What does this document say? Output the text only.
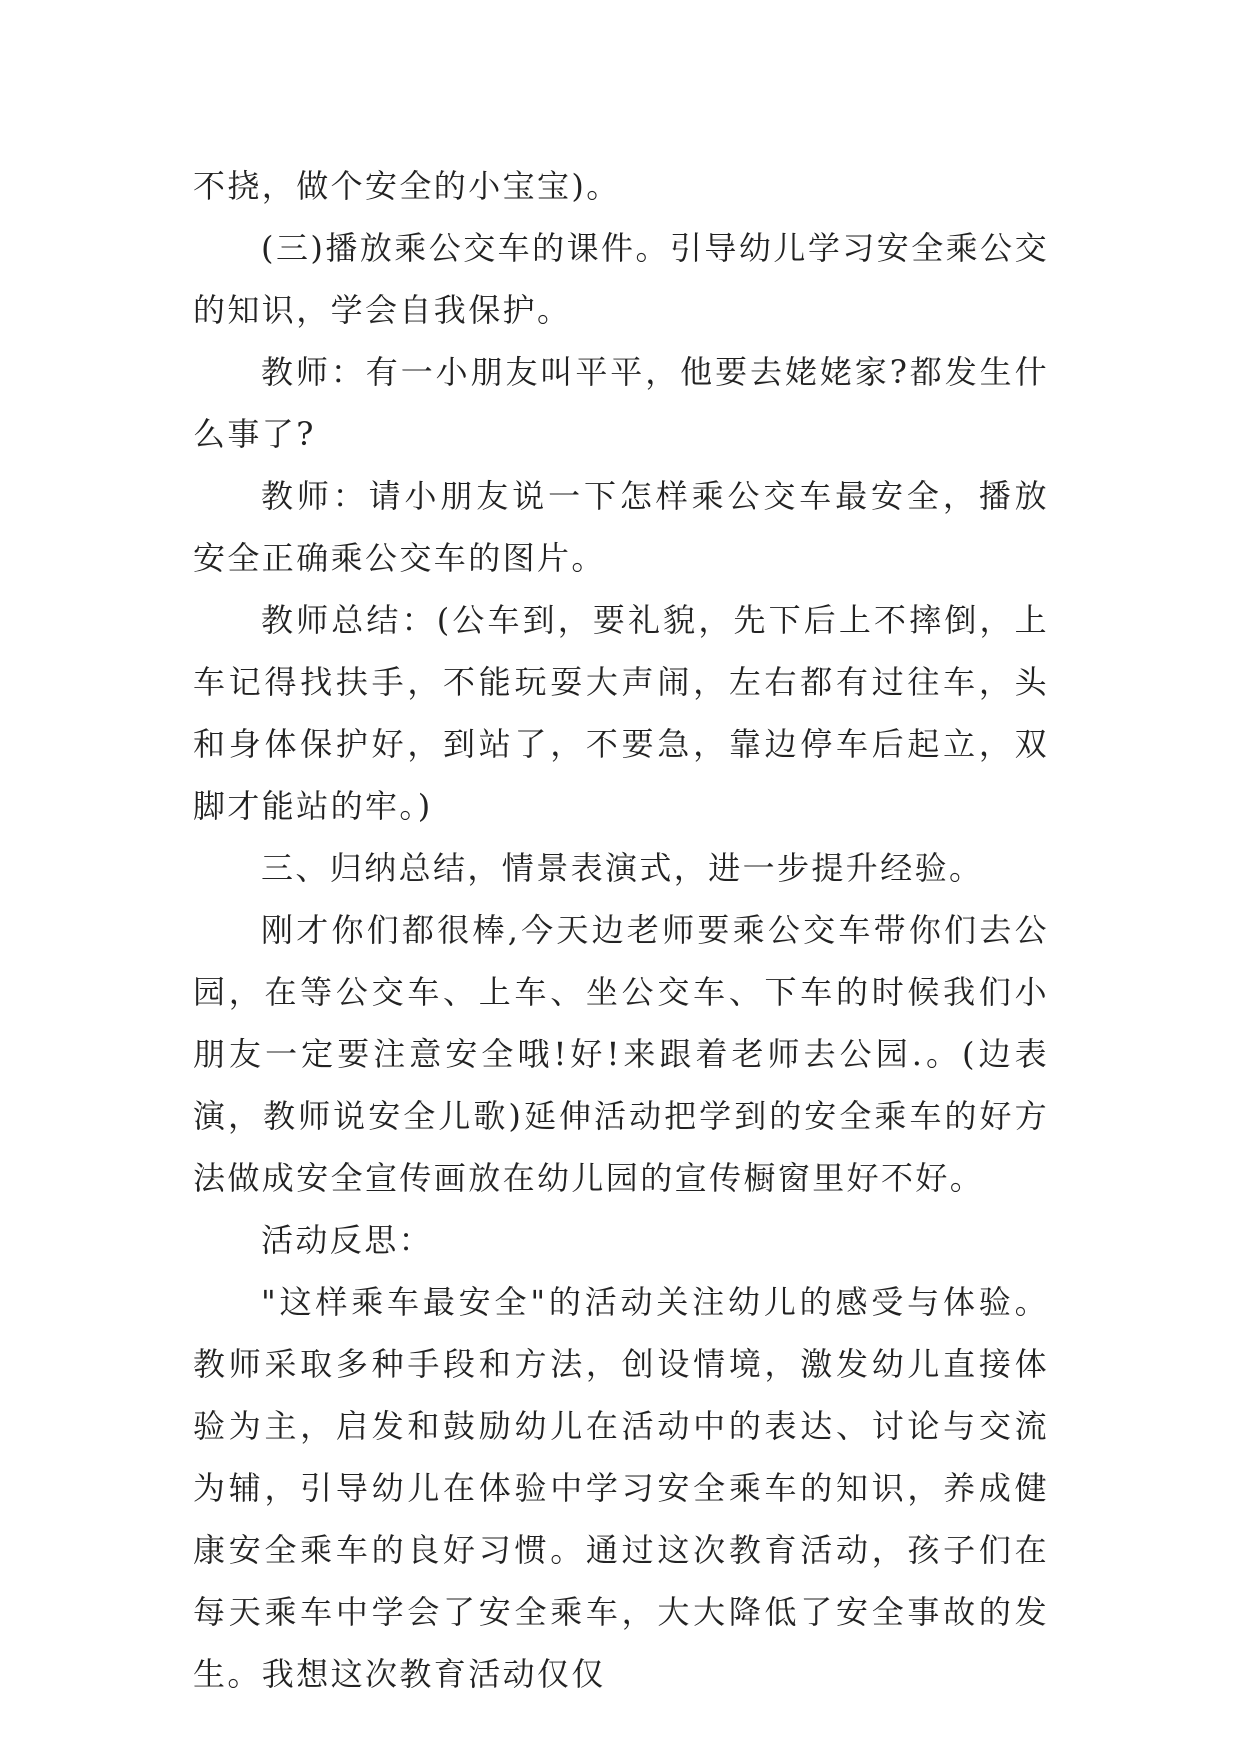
不挠，做个安全的小宝宝)。

(三)播放乘公交车的课件。引导幼儿学习安全乘公交的知识，学会自我保护。

教师：有一小朋友叫平平，他要去姥姥家?都发生什么事了?

教师：请小朋友说一下怎样乘公交车最安全，播放安全正确乘公交车的图片。

教师总结：(公车到，要礼貌，先下后上不摔倒，上车记得找扶手，不能玩耍大声闹，左右都有过往车，头和身体保护好，到站了，不要急，靠边停车后起立，双脚才能站的牢。)

三、归纳总结，情景表演式，进一步提升经验。

刚才你们都很棒,今天边老师要乘公交车带你们去公园，在等公交车、上车、坐公交车、下车的时候我们小朋友一定要注意安全哦!好!来跟着老师去公园.。(边表演，教师说安全儿歌)延伸活动把学到的安全乘车的好方法做成安全宣传画放在幼儿园的宣传橱窗里好不好。

活动反思：

"这样乘车最安全"的活动关注幼儿的感受与体验。教师采取多种手段和方法，创设情境，激发幼儿直接体验为主，启发和鼓励幼儿在活动中的表达、讨论与交流为辅，引导幼儿在体验中学习安全乘车的知识，养成健康安全乘车的良好习惯。通过这次教育活动，孩子们在每天乘车中学会了安全乘车，大大降低了安全事故的发生。我想这次教育活动仅仅
